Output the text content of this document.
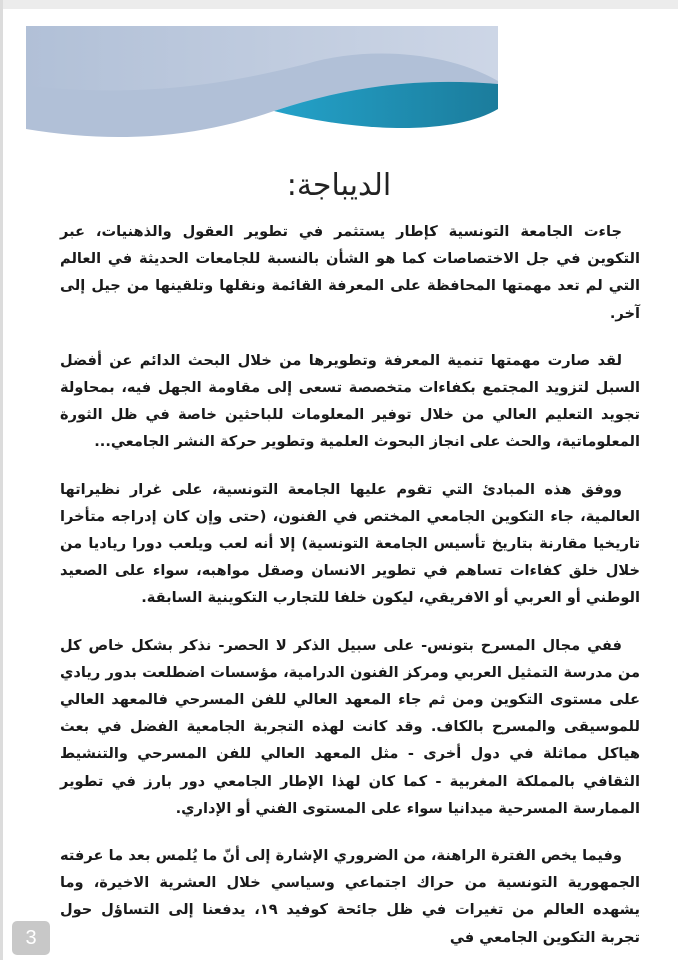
الديباجة:

جاءت الجامعة التونسية كإطار يستثمر في تطوير العقول والذهنيات، عبر التكوين في جل الاختصاصات كما هو الشأن بالنسبة للجامعات الحديثة في العالم التي لم تعد مهمتها المحافظة على المعرفة القائمة ونقلها وتلقينها من جيل إلى آخر.

لقد صارت مهمتها تنمية المعرفة وتطويرها من خلال البحث الدائم عن أفضل السبل لتزويد المجتمع بكفاءات متخصصة تسعى إلى مقاومة الجهل فيه، بمحاولة تجويد التعليم العالي من خلال توفير المعلومات للباحثين خاصة في ظل الثورة المعلوماتية، والحث على انجاز البحوث العلمية وتطوير حركة النشر الجامعي...

ووفق هذه المبادئ التي تقوم عليها الجامعة التونسية، على غرار نظيراتها العالمية، جاء التكوين الجامعي المختص في الفنون، (حتى وإن كان إدراجه متأخرا تاريخيا مقارنة بتاريخ تأسيس الجامعة التونسية) إلا أنه لعب ويلعب دورا رياديا من خلال خلق كفاءات تساهم في تطوير الانسان وصقل مواهبه، سواء على الصعيد الوطني أو العربي أو الافريقي، ليكون خلفا للتجارب التكوينية السابقة.

ففي مجال المسرح بتونس- على سبيل الذكر لا الحصر- نذكر بشكل خاص كل من مدرسة التمثيل العربي ومركز الفنون الدرامية، مؤسسات اضطلعت بدور ريادي على مستوى التكوين ومن ثم جاء المعهد العالي للفن المسرحي فالمعهد العالي للموسيقى والمسرح بالكاف. وقد كانت لهذه التجربة الجامعية الفضل في بعث هياكل مماثلة في دول أخرى - مثل المعهد العالي للفن المسرحي والتنشيط الثقافي بالمملكة المغربية - كما كان لهذا الإطار الجامعي دور بارز في تطوير الممارسة المسرحية ميدانيا سواء على المستوى الفني أو الإداري.

وفيما يخص الفترة الراهنة، من الضروري الإشارة إلى أنّ ما يُلمس بعد ما عرفته الجمهورية التونسية من حراك اجتماعي وسياسي خلال العشرية الاخيرة، وما يشهده العالم من تغيرات في ظل جائحة كوفيد ١٩، يدفعنا إلى التساؤل حول تجربة التكوين الجامعي في

3
